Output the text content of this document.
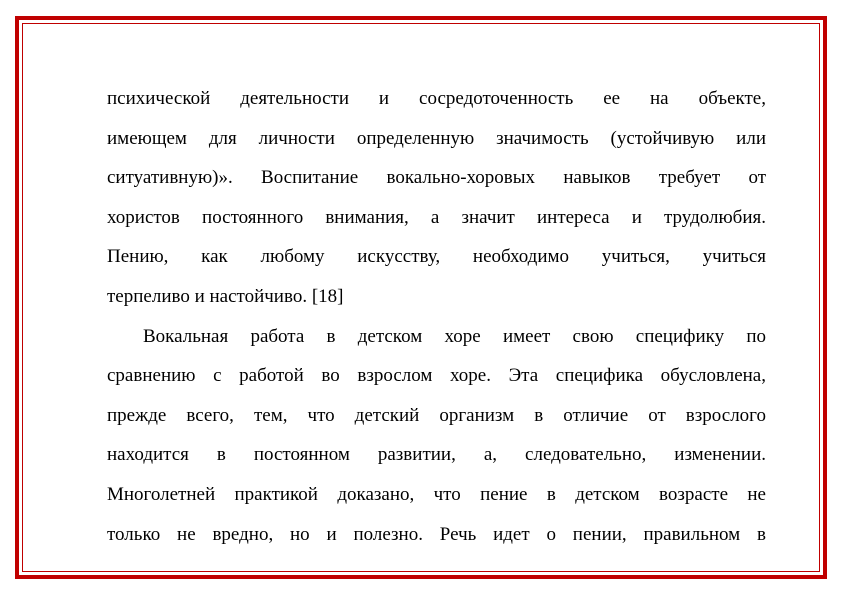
психической деятельности и сосредоточенность ее на объекте,
имеющем для личности определенную значимость (устойчивую или
ситуативную)». Воспитание вокально-хоровых навыков требует от
хористов постоянного внимания, а значит интереса и трудолюбия.
Пению, как любому искусству, необходимо учиться, учиться
терпеливо и настойчиво. [18]
Вокальная работа в детском хоре имеет свою специфику по
сравнению с работой во взрослом хоре. Эта специфика обусловлена,
прежде всего, тем, что детский организм в отличие от взрослого
находится в постоянном развитии, а, следовательно, изменении.
Многолетней практикой доказано, что пение в детском возрасте не
только не вредно, но и полезно. Речь идет о пении, правильном в
